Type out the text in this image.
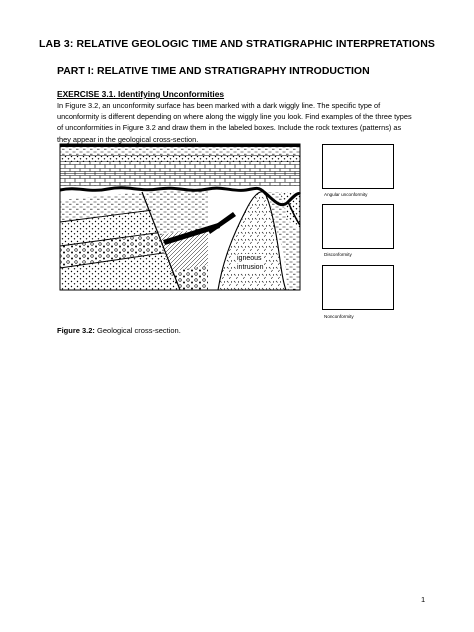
LAB 3: RELATIVE GEOLOGIC TIME AND STRATIGRAPHIC INTERPRETATIONS
PART I: RELATIVE TIME AND STRATIGRAPHY INTRODUCTION
EXERCISE 3.1. Identifying Unconformities
In Figure 3.2, an unconformity surface has been marked with a dark wiggly line. The specific type of unconformity is different depending on where along the wiggly line you look. Find examples of the three types of unconformities in Figure 3.2 and draw them in the labeled boxes. Include the rock textures (patterns) as they appear in the geological cross-section.
igneous
intrusion
Angular unconformity
Disconformity
Nonconformity
Figure 3.2: Geological cross-section.
1
